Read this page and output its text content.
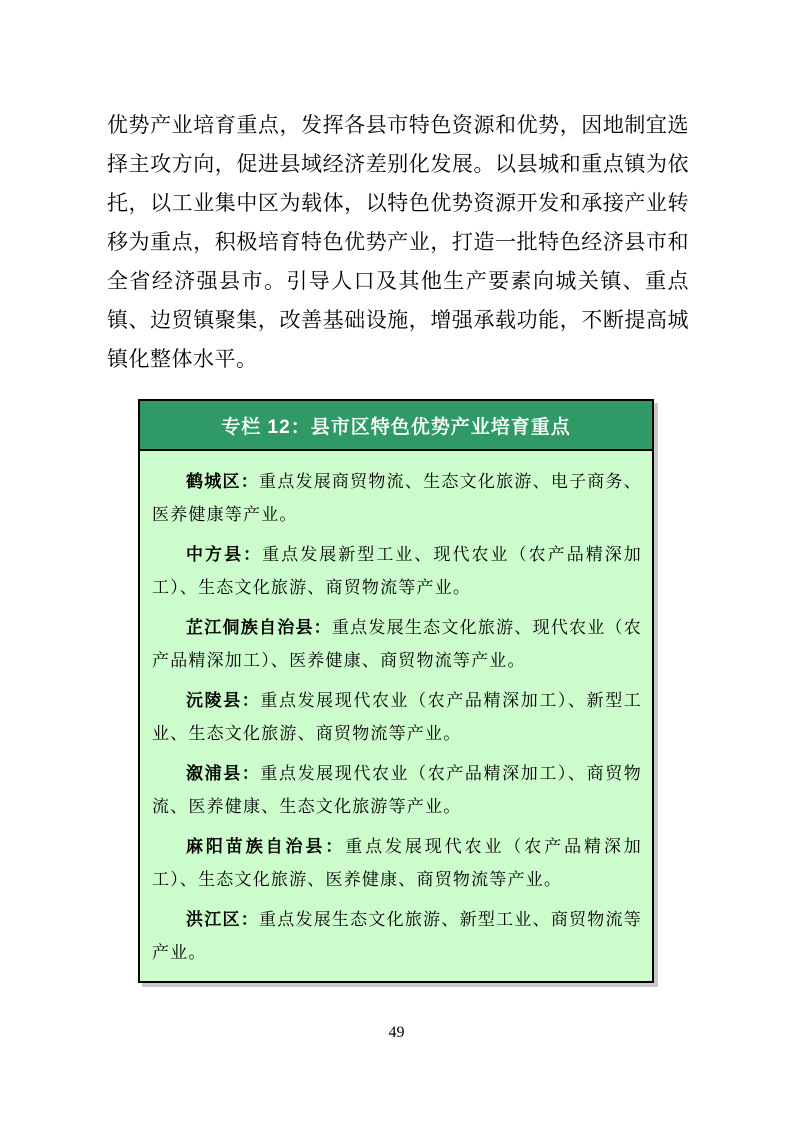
优势产业培育重点，发挥各县市特色资源和优势，因地制宜选择主攻方向，促进县域经济差别化发展。以县城和重点镇为依托，以工业集中区为载体，以特色优势资源开发和承接产业转移为重点，积极培育特色优势产业，打造一批特色经济县市和全省经济强县市。引导人口及其他生产要素向城关镇、重点镇、边贸镇聚集，改善基础设施，增强承载功能，不断提高城镇化整体水平。

专栏 12：县市区特色优势产业培育重点

鹤城区：重点发展商贸物流、生态文化旅游、电子商务、医养健康等产业。

中方县：重点发展新型工业、现代农业（农产品精深加工）、生态文化旅游、商贸物流等产业。

芷江侗族自治县：重点发展生态文化旅游、现代农业（农产品精深加工）、医养健康、商贸物流等产业。

沅陵县：重点发展现代农业（农产品精深加工）、新型工业、生态文化旅游、商贸物流等产业。

溆浦县：重点发展现代农业（农产品精深加工）、商贸物流、医养健康、生态文化旅游等产业。

麻阳苗族自治县：重点发展现代农业（农产品精深加工）、生态文化旅游、医养健康、商贸物流等产业。

洪江区：重点发展生态文化旅游、新型工业、商贸物流等产业。

49
